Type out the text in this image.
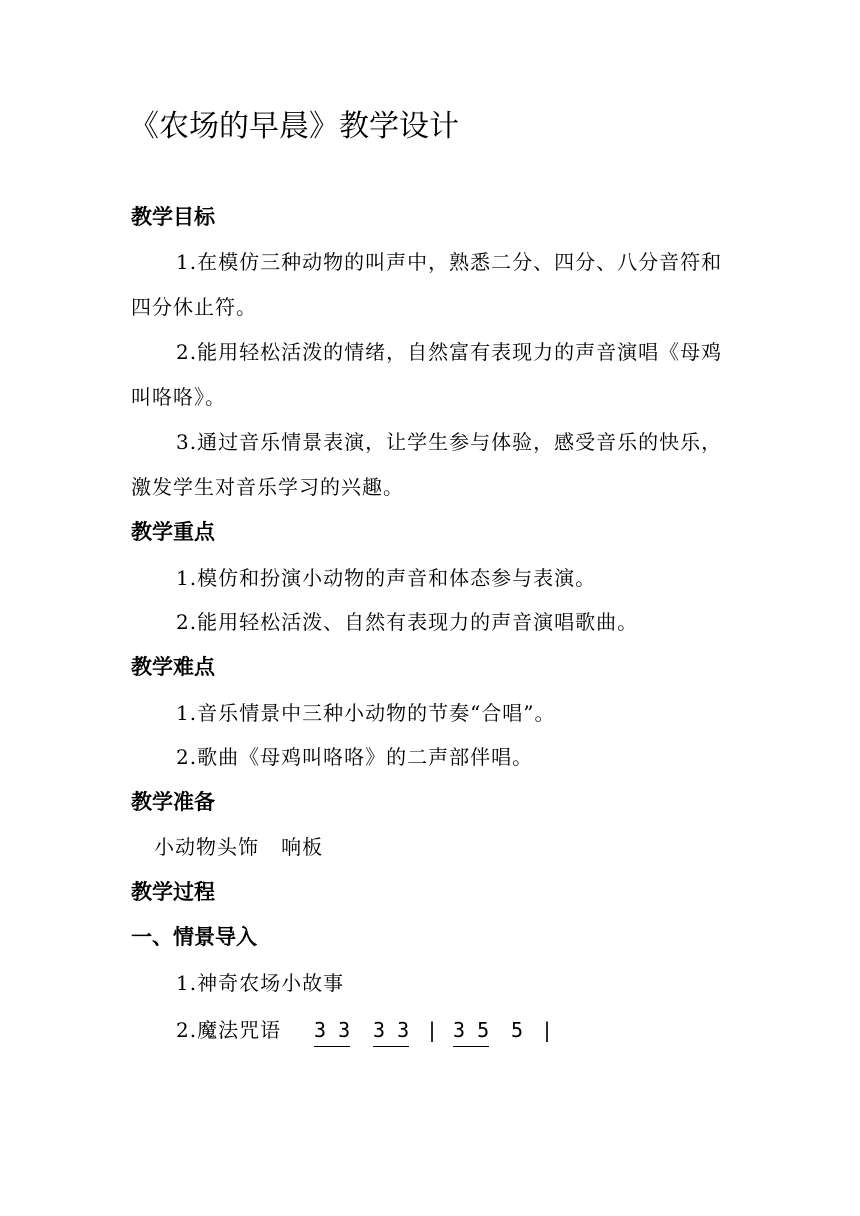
《农场的早晨》教学设计
教学目标
1.在模仿三种动物的叫声中，熟悉二分、四分、八分音符和四分休止符。
2.能用轻松活泼的情绪，自然富有表现力的声音演唱《母鸡叫咯咯》。
3.通过音乐情景表演，让学生参与体验，感受音乐的快乐，激发学生对音乐学习的兴趣。
教学重点
1.模仿和扮演小动物的声音和体态参与表演。
2.能用轻松活泼、自然有表现力的声音演唱歌曲。
教学难点
1.音乐情景中三种小动物的节奏“合唱”。
2.歌曲《母鸡叫咯咯》的二声部伴唱。
教学准备
小动物头饰   响板
教学过程
一、情景导入
1.神奇农场小故事
2.魔法咒语 3 3 3 3 | 3 5 5 |
